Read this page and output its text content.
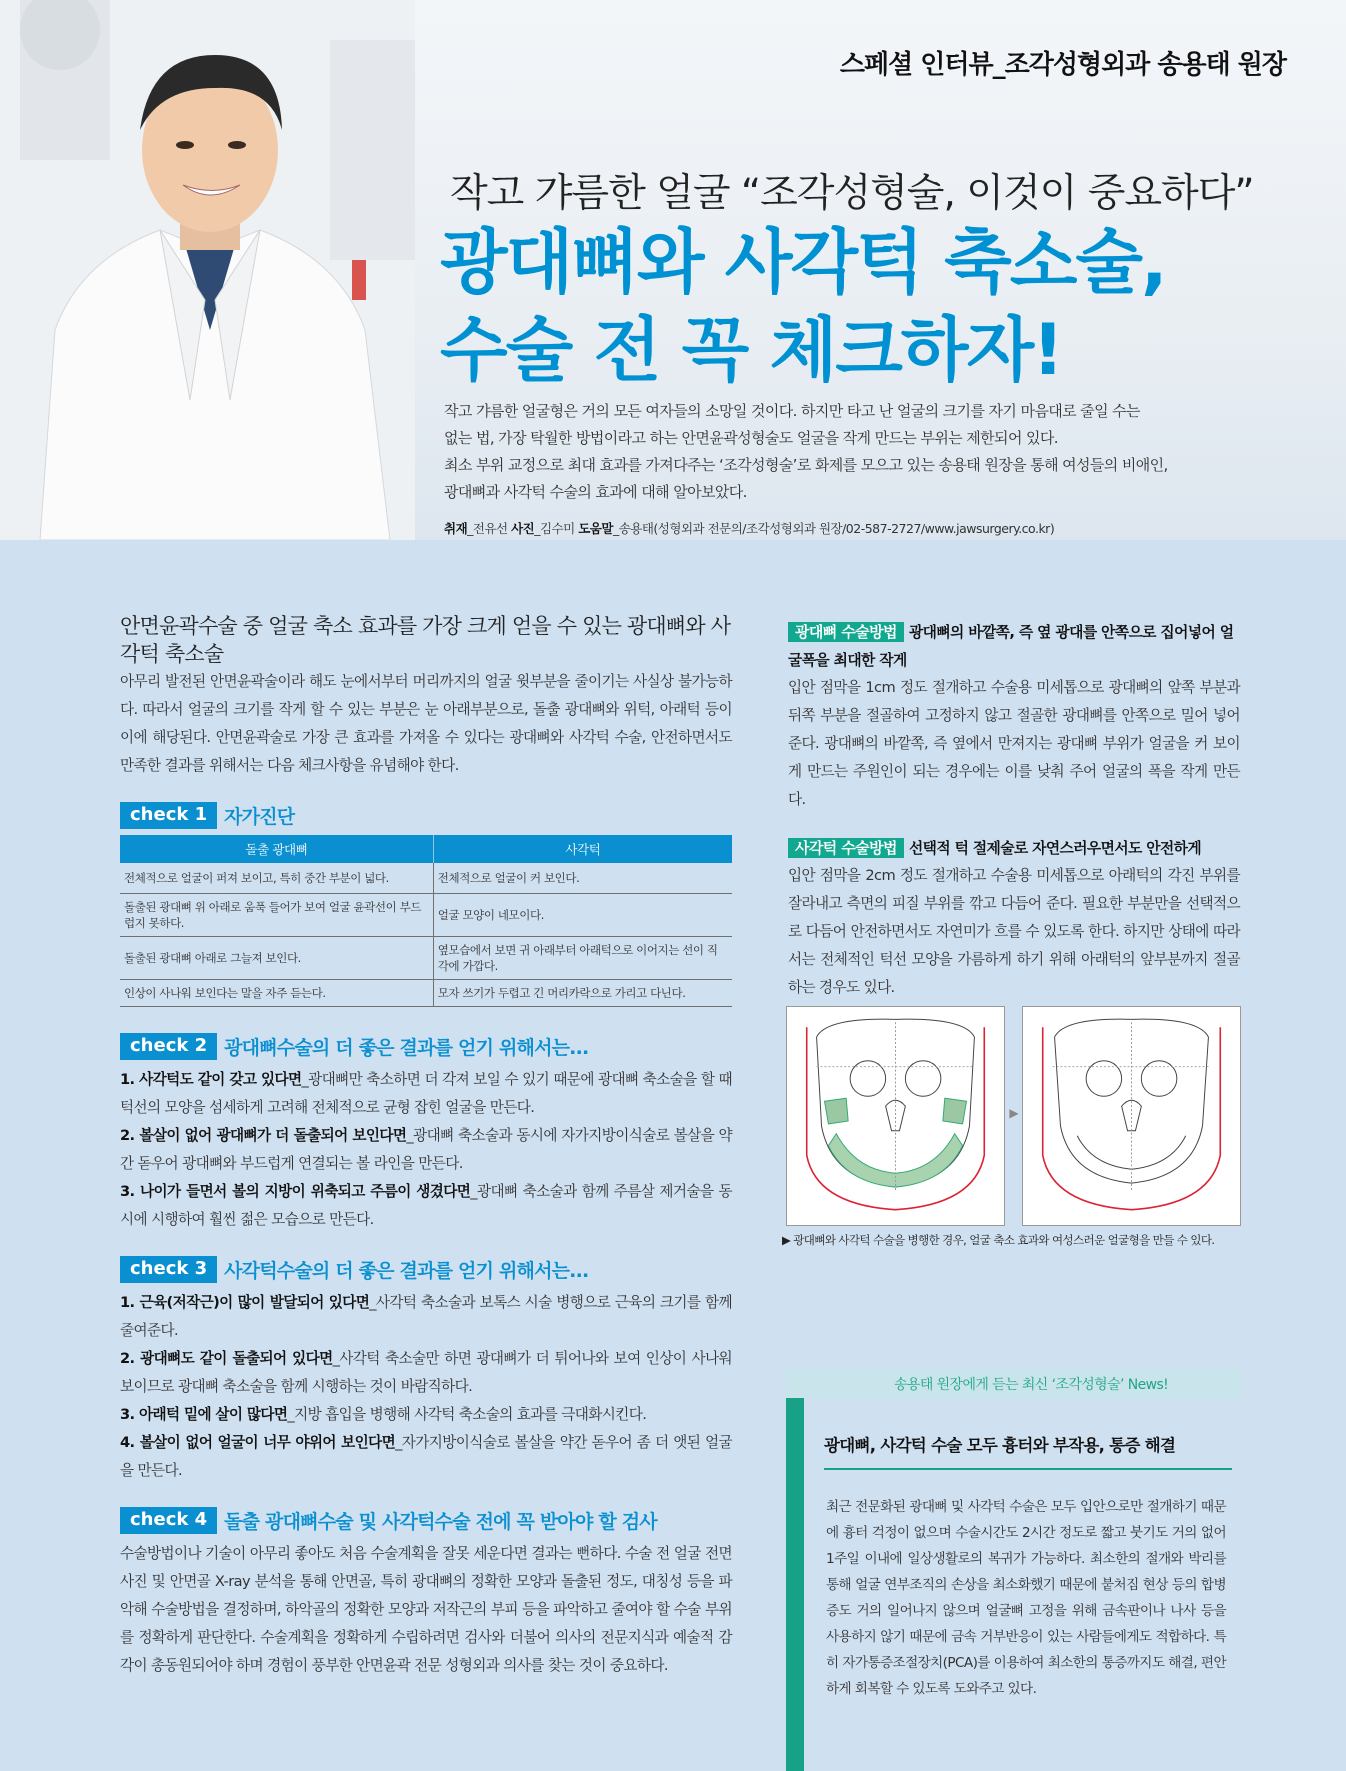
스페셜 인터뷰_조각성형외과 송용태 원장
작고 갸름한 얼굴 “조각성형술, 이것이 중요하다”
광대뼈와 사각턱 축소술,
수술 전 꼭 체크하자!
작고 갸름한 얼굴형은 거의 모든 여자들의 소망일 것이다. 하지만 타고 난 얼굴의 크기를 자기 마음대로 줄일 수는
없는 법, 가장 탁월한 방법이라고 하는 안면윤곽성형술도 얼굴을 작게 만드는 부위는 제한되어 있다.
최소 부위 교정으로 최대 효과를 가져다주는 ‘조각성형술’로 화제를 모으고 있는 송용태 원장을 통해 여성들의 비애인,
광대뼈과 사각턱 수술의 효과에 대해 알아보았다.
취재_전유선 사진_김수미 도움말_송용태(성형외과 전문의/조각성형외과 원장/02-587-2727/www.jawsurgery.co.kr)
안면윤곽수술 중 얼굴 축소 효과를 가장 크게 얻을 수 있는 광대뼈와 사각턱 축소술

아무리 발전된 안면윤곽술이라 해도 눈에서부터 머리까지의 얼굴 윗부분을 줄이기는 사실상 불가능하다. 따라서 얼굴의 크기를 작게 할 수 있는 부분은 눈 아래부분으로, 돌출 광대뼈와 위턱, 아래턱 등이 이에 해당된다. 안면윤곽술로 가장 큰 효과를 가져올 수 있다는 광대뼈와 사각턱 수술, 안전하면서도 만족한 결과를 위해서는 다음 체크사항을 유념해야 한다.

check 1 자가진단
돌출 광대뼈	사각턱
전체적으로 얼굴이 퍼져 보이고, 특히 중간 부분이 넓다.	전체적으로 얼굴이 커 보인다.
돌출된 광대뼈 위 아래로 움푹 들어가 보여 얼굴 윤곽선이 부드럽지 못하다.	얼굴 모양이 네모이다.
돌출된 광대뼈 아래로 그늘져 보인다.	옆모습에서 보면 귀 아래부터 아래턱으로 이어지는 선이 직각에 가깝다.
인상이 사나워 보인다는 말을 자주 듣는다.	모자 쓰기가 두렵고 긴 머리카락으로 가리고 다닌다.
check 2 광대뼈수술의 더 좋은 결과를 얻기 위해서는...
1. 사각턱도 같이 갖고 있다면_광대뼈만 축소하면 더 각져 보일 수 있기 때문에 광대뼈 축소술을 할 때 턱선의 모양을 섬세하게 고려해 전체적으로 균형 잡힌 얼굴을 만든다.
2. 볼살이 없어 광대뼈가 더 돌출되어 보인다면_광대뼈 축소술과 동시에 자가지방이식술로 볼살을 약간 돋우어 광대뼈와 부드럽게 연결되는 볼 라인을 만든다.
3. 나이가 들면서 볼의 지방이 위축되고 주름이 생겼다면_광대뼈 축소술과 함께 주름살 제거술을 동시에 시행하여 훨씬 젊은 모습으로 만든다.
check 3 사각턱수술의 더 좋은 결과를 얻기 위해서는...
1. 근육(저작근)이 많이 발달되어 있다면_사각턱 축소술과 보톡스 시술 병행으로 근육의 크기를 함께 줄여준다.
2. 광대뼈도 같이 돌출되어 있다면_사각턱 축소술만 하면 광대뼈가 더 튀어나와 보여 인상이 사나워 보이므로 광대뼈 축소술을 함께 시행하는 것이 바람직하다.
3. 아래턱 밑에 살이 많다면_지방 흡입을 병행해 사각턱 축소술의 효과를 극대화시킨다.
4. 볼살이 없어 얼굴이 너무 야위어 보인다면_자가지방이식술로 볼살을 약간 돋우어 좀 더 앳된 얼굴을 만든다.
check 4 돌출 광대뼈수술 및 사각턱수술 전에 꼭 받아야 할 검사

수술방법이나 기술이 아무리 좋아도 처음 수술계획을 잘못 세운다면 결과는 뻔하다. 수술 전 얼굴 전면 사진 및 안면골 X-ray 분석을 통해 안면골, 특히 광대뼈의 정확한 모양과 돌출된 정도, 대칭성 등을 파악해 수술방법을 결정하며, 하악골의 정확한 모양과 저작근의 부피 등을 파악하고 줄여야 할 수술 부위를 정확하게 판단한다. 수술계획을 정확하게 수립하려면 검사와 더불어 의사의 전문지식과 예술적 감각이 총동원되어야 하며 경험이 풍부한 안면윤곽 전문 성형외과 의사를 찾는 것이 중요하다.

광대뼈 수술방법 광대뼈의 바깥쪽, 즉 옆 광대를 안쪽으로 집어넣어 얼굴폭을 최대한 작게

입안 점막을 1cm 정도 절개하고 수술용 미세톱으로 광대뼈의 앞쪽 부분과 뒤쪽 부분을 절골하여 고정하지 않고 절골한 광대뼈를 안쪽으로 밀어 넣어준다. 광대뼈의 바깥쪽, 즉 옆에서 만져지는 광대뼈 부위가 얼굴을 커 보이게 만드는 주원인이 되는 경우에는 이를 낮춰 주어 얼굴의 폭을 작게 만든다.

사각턱 수술방법 선택적 턱 절제술로 자연스러우면서도 안전하게

입안 점막을 2cm 정도 절개하고 수술용 미세톱으로 아래턱의 각진 부위를 잘라내고 측면의 피질 부위를 깎고 다듬어 준다. 필요한 부분만을 선택적으로 다듬어 안전하면서도 자연미가 흐를 수 있도록 한다. 하지만 상태에 따라서는 전체적인 턱선 모양을 가름하게 하기 위해 아래턱의 앞부분까지 절골하는 경우도 있다.

▶
▶ 광대뼈와 사각턱 수술을 병행한 경우, 얼굴 축소 효과와 여성스러운 얼굴형을 만들 수 있다.
송용태 원장에게 듣는 최신 ‘조각성형술’ News!
광대뼈, 사각턱 수술 모두 흉터와 부작용, 통증 해결
최근 전문화된 광대뼈 및 사각턱 수술은 모두 입안으로만 절개하기 때문에 흉터 걱정이 없으며 수술시간도 2시간 정도로 짧고 붓기도 거의 없어 1주일 이내에 일상생활로의 복귀가 가능하다. 최소한의 절개와 박리를 통해 얼굴 연부조직의 손상을 최소화했기 때문에 붙처짐 현상 등의 합병증도 거의 일어나지 않으며 얼굴뼈 고정을 위해 금속판이나 나사 등을 사용하지 않기 때문에 금속 거부반응이 있는 사람들에게도 적합하다. 특히 자가통증조절장치(PCA)를 이용하여 최소한의 통증까지도 해결, 편안하게 회복할 수 있도록 도와주고 있다.
